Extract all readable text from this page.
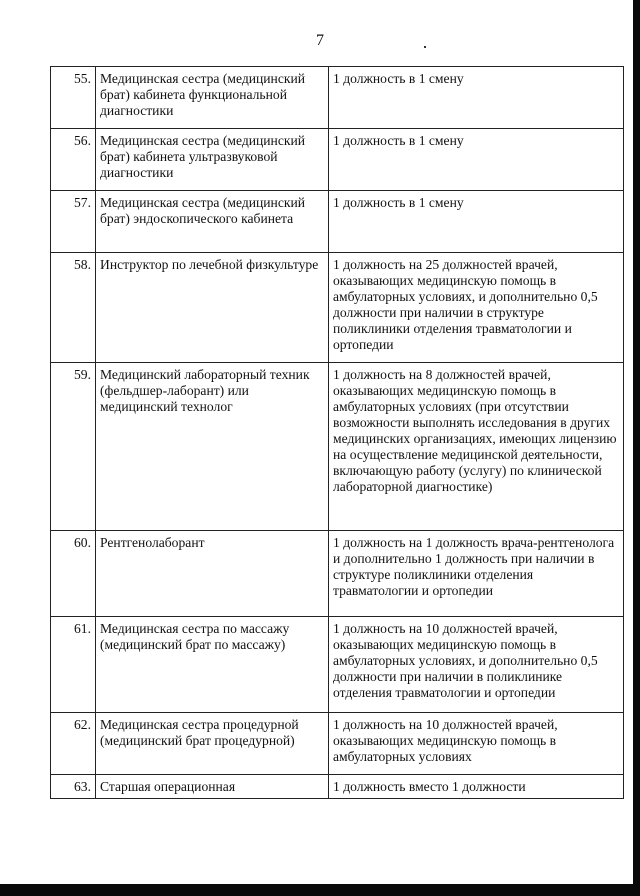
7
55.	Медицинская сестра (медицинский брат) кабинета функциональной диагностики	1 должность в 1 смену
56.	Медицинская сестра (медицинский брат) кабинета ультразвуковой диагностики	1 должность в 1 смену
57.	Медицинская сестра (медицинский брат) эндоскопического кабинета	1 должность в 1 смену
58.	Инструктор по лечебной физкультуре	1 должность на 25 должностей врачей, оказывающих медицинскую помощь в амбулаторных условиях, и дополнительно 0,5 должности при наличии в структуре поликлиники отделения травматологии и ортопедии
59.	Медицинский лабораторный техник (фельдшер-лаборант) или медицинский технолог	1 должность на 8 должностей врачей, оказывающих медицинскую помощь в амбулаторных условиях (при отсутствии возможности выполнять исследования в других медицинских организациях, имеющих лицензию на осуществление медицинской деятельности, включающую работу (услугу) по клинической лабораторной диагностике)
60.	Рентгенолаборант	1 должность на 1 должность врача-рентгенолога и дополнительно 1 должность при наличии в структуре поликлиники отделения травматологии и ортопедии
61.	Медицинская сестра по массажу (медицинский брат по массажу)	1 должность на 10 должностей врачей, оказывающих медицинскую помощь в амбулаторных условиях, и дополнительно 0,5 должности при наличии в поликлинике отделения травматологии и ортопедии
62.	Медицинская сестра процедурной (медицинский брат процедурной)	1 должность на 10 должностей врачей, оказывающих медицинскую помощь в амбулаторных условиях
63.	Старшая операционная	1 должность вместо 1 должности
